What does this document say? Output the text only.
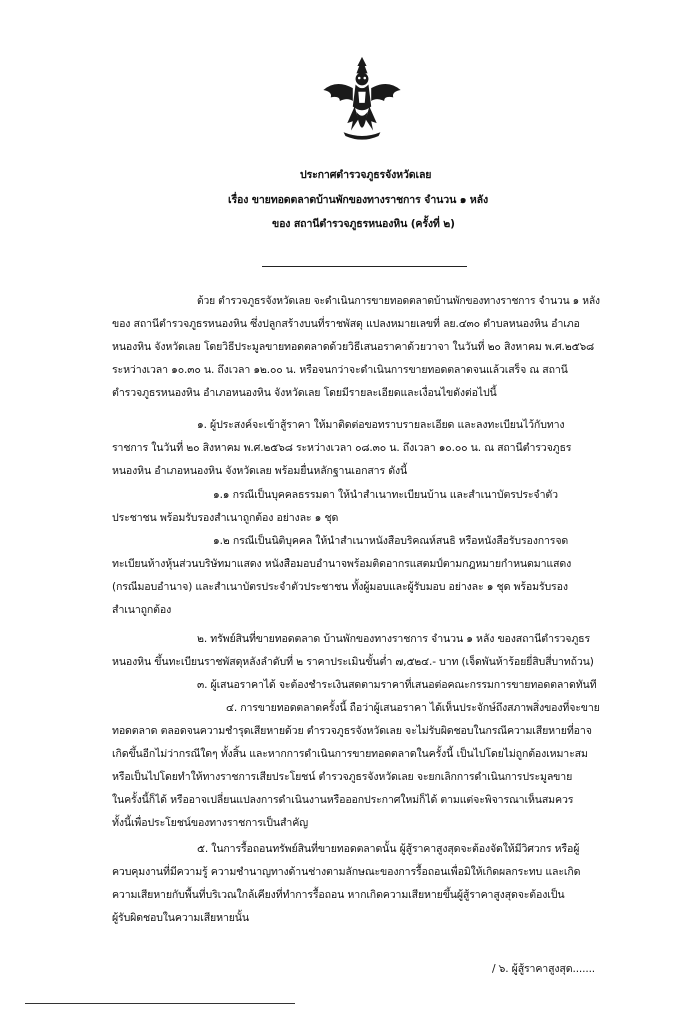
ประกาศตำรวจภูธรจังหวัดเลย
เรื่อง ขายทอดตลาดบ้านพักของทางราชการ จำนวน ๑ หลัง
ของ สถานีตำรวจภูธรหนองหิน (ครั้งที่ ๒)
ด้วย ตำรวจภูธรจังหวัดเลย จะดำเนินการขายทอดตลาดบ้านพักของทางราชการ จำนวน ๑ หลัง
ของ สถานีตำรวจภูธรหนองหิน ซึ่งปลูกสร้างบนที่ราชพัสดุ แปลงหมายเลขที่ ลย.๔๓๐ ตำบลหนองหิน อำเภอ
หนองหิน จังหวัดเลย โดยวิธีประมูลขายทอดตลาดด้วยวิธีเสนอราคาด้วยวาจา ในวันที่ ๒๐ สิงหาคม พ.ศ.๒๕๖๘
ระหว่างเวลา ๑๐.๓๐ น. ถึงเวลา ๑๒.๐๐ น. หรือจนกว่าจะดำเนินการขายทอดตลาดจนแล้วเสร็จ ณ สถานี
ตำรวจภูธรหนองหิน อำเภอหนองหิน จังหวัดเลย โดยมีรายละเอียดและเงื่อนไขดังต่อไปนี้
๑. ผู้ประสงค์จะเข้าสู้ราคา ให้มาติดต่อขอทราบรายละเอียด และลงทะเบียนไว้กับทาง
ราชการ ในวันที่ ๒๐ สิงหาคม พ.ศ.๒๕๖๘ ระหว่างเวลา ๐๘.๓๐ น. ถึงเวลา ๑๐.๐๐ น. ณ สถานีตำรวจภูธร
หนองหิน อำเภอหนองหิน จังหวัดเลย พร้อมยื่นหลักฐานเอกสาร ดังนี้
๑.๑ กรณีเป็นบุคคลธรรมดา ให้นำสำเนาทะเบียนบ้าน และสำเนาบัตรประจำตัว
ประชาชน พร้อมรับรองสำเนาถูกต้อง อย่างละ ๑ ชุด
๑.๒ กรณีเป็นนิติบุคคล ให้นำสำเนาหนังสือบริคณห์สนธิ หรือหนังสือรับรองการจด
ทะเบียนห้างหุ้นส่วนบริษัทมาแสดง หนังสือมอบอำนาจพร้อมติดอากรแสตมป์ตามกฎหมายกำหนดมาแสดง
(กรณีมอบอำนาจ) และสำเนาบัตรประจำตัวประชาชน ทั้งผู้มอบและผู้รับมอบ อย่างละ ๑ ชุด พร้อมรับรอง
สำเนาถูกต้อง
๒. ทรัพย์สินที่ขายทอดตลาด บ้านพักของทางราชการ จำนวน ๑ หลัง ของสถานีตำรวจภูธร
หนองหิน ขึ้นทะเบียนราชพัสดุหลังลำดับที่ ๒ ราคาประเมินขั้นต่ำ ๗,๕๒๔.- บาท (เจ็ดพันห้าร้อยยี่สิบสี่บาทถ้วน)
๓. ผู้เสนอราคาได้ จะต้องชำระเงินสดตามราคาที่เสนอต่อคณะกรรมการขายทอดตลาดทันที
๔. การขายทอดตลาดครั้งนี้ ถือว่าผู้เสนอราคา ได้เห็นประจักษ์ถึงสภาพสิ่งของที่จะขาย
ทอดตลาด ตลอดจนความชำรุดเสียหายด้วย ตำรวจภูธรจังหวัดเลย จะไม่รับผิดชอบในกรณีความเสียหายที่อาจ
เกิดขึ้นอีกไม่ว่ากรณีใดๆ ทั้งสิ้น และหากการดำเนินการขายทอดตลาดในครั้งนี้ เป็นไปโดยไม่ถูกต้องเหมาะสม
หรือเป็นไปโดยทำให้ทางราชการเสียประโยชน์ ตำรวจภูธรจังหวัดเลย จะยกเลิกการดำเนินการประมูลขาย
ในครั้งนี้ก็ได้ หรืออาจเปลี่ยนแปลงการดำเนินงานหรือออกประกาศใหม่ก็ได้ ตามแต่จะพิจารณาเห็นสมควร
ทั้งนี้เพื่อประโยชน์ของทางราชการเป็นสำคัญ
๕. ในการรื้อถอนทรัพย์สินที่ขายทอดตลาดนั้น ผู้สู้ราคาสูงสุดจะต้องจัดให้มีวิศวกร หรือผู้
ควบคุมงานที่มีความรู้ ความชำนาญทางด้านช่างตามลักษณะของการรื้อถอนเพื่อมิให้เกิดผลกระทบ และเกิด
ความเสียหายกับพื้นที่บริเวณใกล้เคียงที่ทำการรื้อถอน หากเกิดความเสียหายขึ้นผู้สู้ราคาสูงสุดจะต้องเป็น
ผู้รับผิดชอบในความเสียหายนั้น
/ ๖. ผู้สู้ราคาสูงสุด.......
